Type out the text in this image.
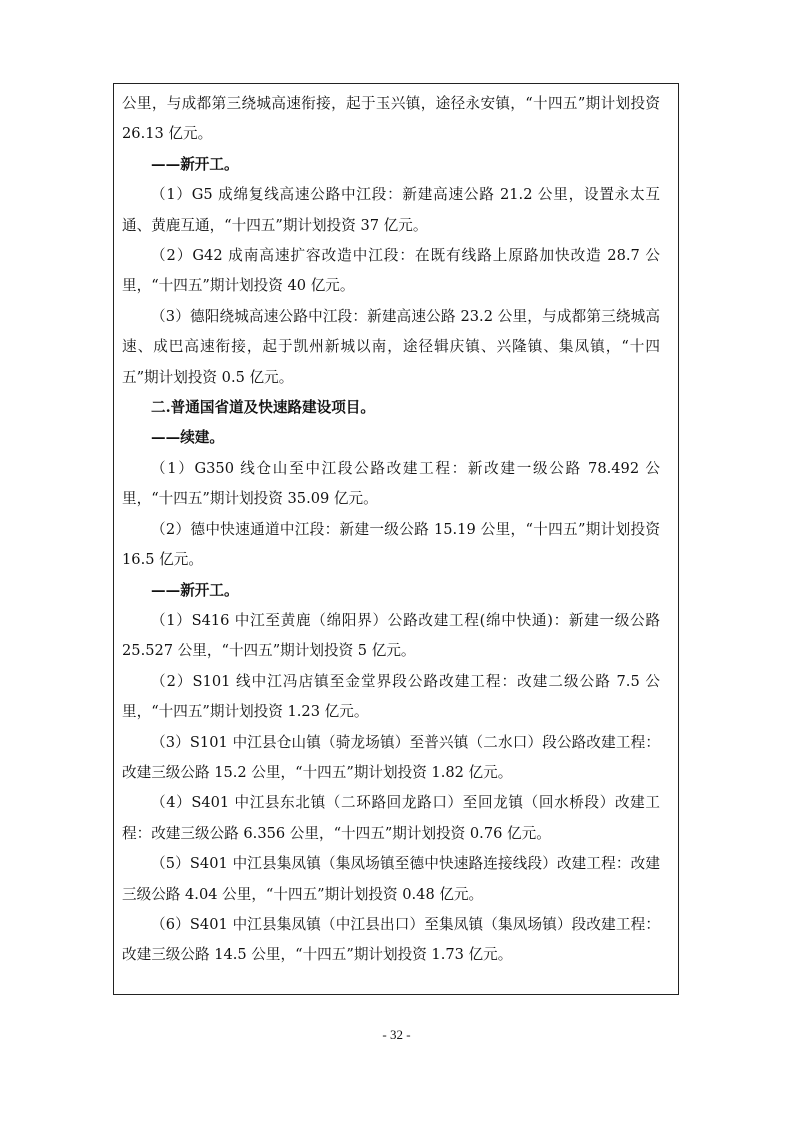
公里，与成都第三绕城高速衔接，起于玉兴镇，途径永安镇，“十四五”期计划投资 26.13 亿元。

——新开工。

（1）G5 成绵复线高速公路中江段：新建高速公路 21.2 公里，设置永太互通、黄鹿互通，“十四五”期计划投资 37 亿元。

（2）G42 成南高速扩容改造中江段：在既有线路上原路加快改造 28.7 公里，“十四五”期计划投资 40 亿元。

（3）德阳绕城高速公路中江段：新建高速公路 23.2 公里，与成都第三绕城高速、成巴高速衔接，起于凯州新城以南，途径辑庆镇、兴隆镇、集凤镇，“十四五”期计划投资 0.5 亿元。

二.普通国省道及快速路建设项目。

——续建。

（1）G350 线仓山至中江段公路改建工程：新改建一级公路 78.492 公里，“十四五”期计划投资 35.09 亿元。

（2）德中快速通道中江段：新建一级公路 15.19 公里，“十四五”期计划投资 16.5 亿元。

——新开工。

（1）S416 中江至黄鹿（绵阳界）公路改建工程(绵中快通)：新建一级公路 25.527 公里，“十四五”期计划投资 5 亿元。

（2）S101 线中江冯店镇至金堂界段公路改建工程：改建二级公路 7.5 公里，“十四五”期计划投资 1.23 亿元。

（3）S101 中江县仓山镇（骑龙场镇）至普兴镇（二水口）段公路改建工程：改建三级公路 15.2 公里，“十四五”期计划投资 1.82 亿元。

（4）S401 中江县东北镇（二环路回龙路口）至回龙镇（回水桥段）改建工程：改建三级公路 6.356 公里，“十四五”期计划投资 0.76 亿元。

（5）S401 中江县集凤镇（集凤场镇至德中快速路连接线段）改建工程：改建三级公路 4.04 公里，“十四五”期计划投资 0.48 亿元。

（6）S401 中江县集凤镇（中江县出口）至集凤镇（集凤场镇）段改建工程：改建三级公路 14.5 公里，“十四五”期计划投资 1.73 亿元。

- 32 -
